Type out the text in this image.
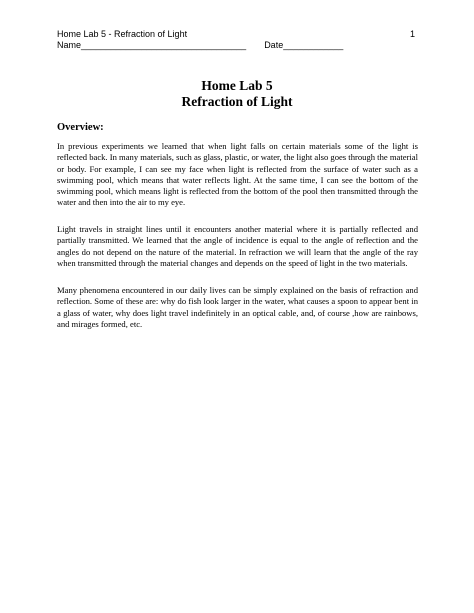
Home Lab 5 - Refraction of Light	1
Name_________________________________ Date____________
Home Lab 5
Refraction of Light
Overview:
In previous experiments we learned that when light falls on certain materials some of the light is reflected back. In many materials, such as glass, plastic, or water, the light also goes through the material or body. For example, I can see my face when light is reflected from the surface of water such as a swimming pool, which means that water reflects light. At the same time, I can see the bottom of the swimming pool, which means light is reflected from the bottom of the pool then transmitted through the water and then into the air to my eye.
Light travels in straight lines until it encounters another material where it is partially reflected and partially transmitted. We learned that the angle of incidence is equal to the angle of reflection and the angles do not depend on the nature of the material. In refraction we will learn that the angle of the ray when transmitted through the material changes and depends on the speed of light in the two materials.
Many phenomena encountered in our daily lives can be simply explained on the basis of refraction and reflection. Some of these are: why do fish look larger in the water, what causes a spoon to appear bent in a glass of water, why does light travel indefinitely in an optical cable, and, of course ,how are rainbows, and mirages formed, etc.
